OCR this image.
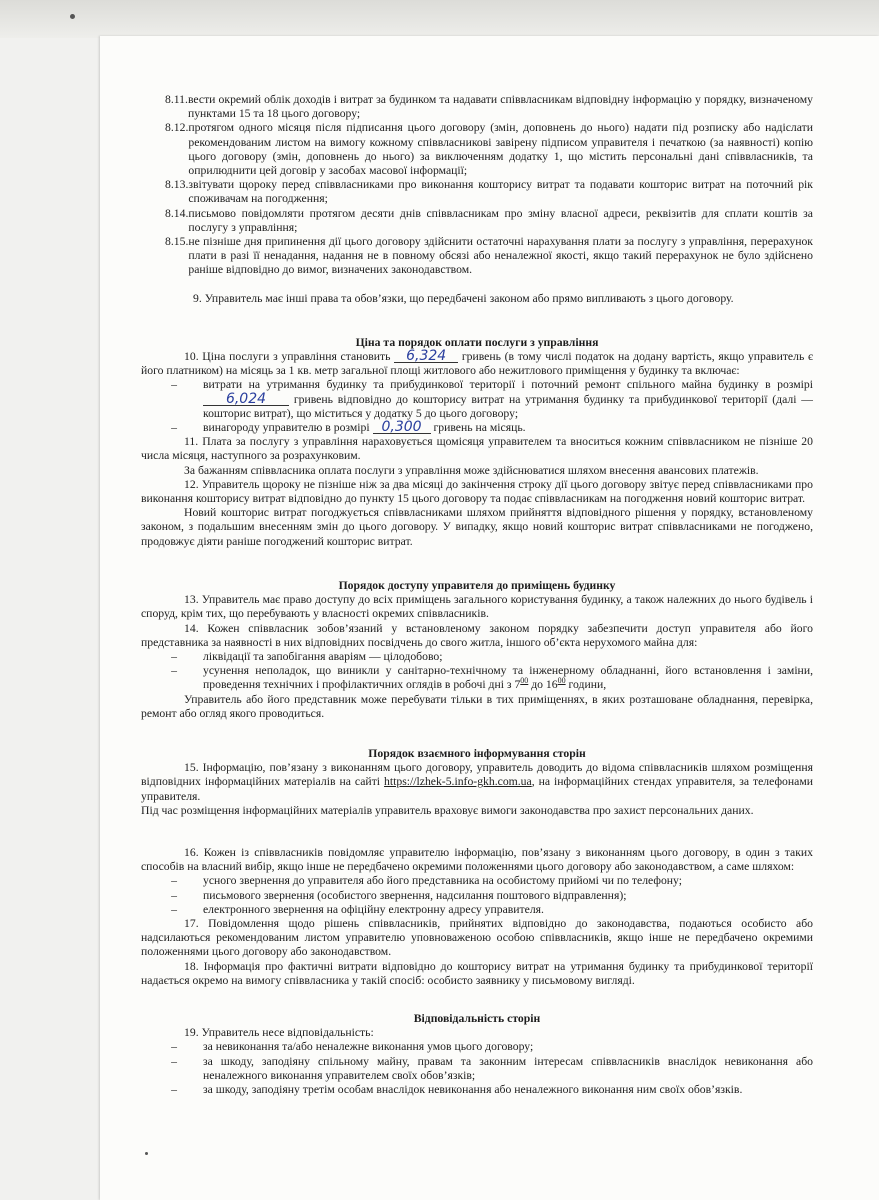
8.11. вести окремий облік доходів і витрат за будинком та надавати співвласникам відповідну інформацію у порядку, визначеному пунктами 15 та 18 цього договору;
8.12. протягом одного місяця після підписання цього договору (змін, доповнень до нього) надати під розписку або надіслати рекомендованим листом на вимогу кожному співвласникові завірену підписом управителя і печаткою (за наявності) копію цього договору (змін, доповнень до нього) за виключенням додатку 1, що містить персональні дані співвласників, та оприлюднити цей договір у засобах масової інформації;
8.13. звітувати щороку перед співвласниками про виконання кошторису витрат та подавати кошторис витрат на поточний рік споживачам на погодження;
8.14. письмово повідомляти протягом десяти днів співвласникам про зміну власної адреси, реквізитів для сплати коштів за послугу з управління;
8.15. не пізніше дня припинення дії цього договору здійснити остаточні нарахування плати за послугу з управління, перерахунок плати в разі її ненадання, надання не в повному обсязі або неналежної якості, якщо такий перерахунок не було здійснено раніше відповідно до вимог, визначених законодавством.

9. Управитель має інші права та обов’язки, що передбачені законом або прямо випливають з цього договору.

Ціна та порядок оплати послуги з управління

10. Ціна послуги з управління становить 6,324 гривень (в тому числі податок на додану вартість, якщо управитель є його платником) на місяць за 1 кв. метр загальної площі житлового або нежитлового приміщення у будинку та включає:

–	витрати на утримання будинку та прибудинкової території і поточний ремонт спільного майна будинку в розмірі 6,024 гривень відповідно до кошторису витрат на утримання будинку та прибудинкової території (далі — кошторис витрат), що міститься у додатку 5 до цього договору;
–	винагороду управителю в розмірі 0,300 гривень на місяць.

11. Плата за послугу з управління нараховується щомісяця управителем та вноситься кожним співвласником не пізніше 20 числа місяця, наступного за розрахунковим.

За бажанням співвласника оплата послуги з управління може здійснюватися шляхом внесення авансових платежів.

12. Управитель щороку не пізніше ніж за два місяці до закінчення строку дії цього договору звітує перед співвласниками про виконання кошторису витрат відповідно до пункту 15 цього договору та подає співвласникам на погодження новий кошторис витрат.

Новий кошторис витрат погоджується співвласниками шляхом прийняття відповідного рішення у порядку, встановленому законом, з подальшим внесенням змін до цього договору. У випадку, якщо новий кошторис витрат співвласниками не погоджено, продовжує діяти раніше погоджений кошторис витрат.

Порядок доступу управителя до приміщень будинку

13. Управитель має право доступу до всіх приміщень загального користування будинку, а також належних до нього будівель і споруд, крім тих, що перебувають у власності окремих співвласників.

14. Кожен співвласник зобов’язаний у встановленому законом порядку забезпечити доступ управителя або його представника за наявності в них відповідних посвідчень до свого житла, іншого об’єкта нерухомого майна для:

–	ліквідації та запобігання аваріям — цілодобово;
–	усунення неполадок, що виникли у санітарно-технічному та інженерному обладнанні, його встановлення і заміни, проведення технічних і профілактичних оглядів в робочі дні з $7^{00}$ до $16^{00}$ години,

Управитель або його представник може перебувати тільки в тих приміщеннях, в яких розташоване обладнання, перевірка, ремонт або огляд якого проводиться.

Порядок взаємного інформування сторін

15. Інформацію, пов’язану з виконанням цього договору, управитель доводить до відома співвласників шляхом розміщення відповідних інформаційних матеріалів на сайті https://lzhek-5.info-gkh.com.ua, на інформаційних стендах управителя, за телефонами управителя.

Під час розміщення інформаційних матеріалів управитель враховує вимоги законодавства про захист персональних даних.

16. Кожен із співвласників повідомляє управителю інформацію, пов’язану з виконанням цього договору, в один з таких способів на власний вибір, якщо інше не передбачено окремими положеннями цього договору або законодавством, а саме шляхом:

–	усного звернення до управителя або його представника на особистому прийомі чи по телефону;
–	письмового звернення (особистого звернення, надсилання поштового відправлення);
–	електронного звернення на офіційну електронну адресу управителя.

17. Повідомлення щодо рішень співвласників, прийнятих відповідно до законодавства, подаються особисто або надсилаються рекомендованим листом управителю уповноваженою особою співвласників, якщо інше не передбачено окремими положеннями цього договору або законодавством.

18. Інформація про фактичні витрати відповідно до кошторису витрат на утримання будинку та прибудинкової території надається окремо на вимогу співвласника у такій спосіб: особисто заявнику у письмовому вигляді.

Відповідальність сторін

19. Управитель несе відповідальність:

–	за невиконання та/або неналежне виконання умов цього договору;
–	за шкоду, заподіяну спільному майну, правам та законним інтересам співвласників внаслідок невиконання або неналежного виконання управителем своїх обов’язків;
–	за шкоду, заподіяну третім особам внаслідок невиконання або неналежного виконання ним своїх обов’язків.
